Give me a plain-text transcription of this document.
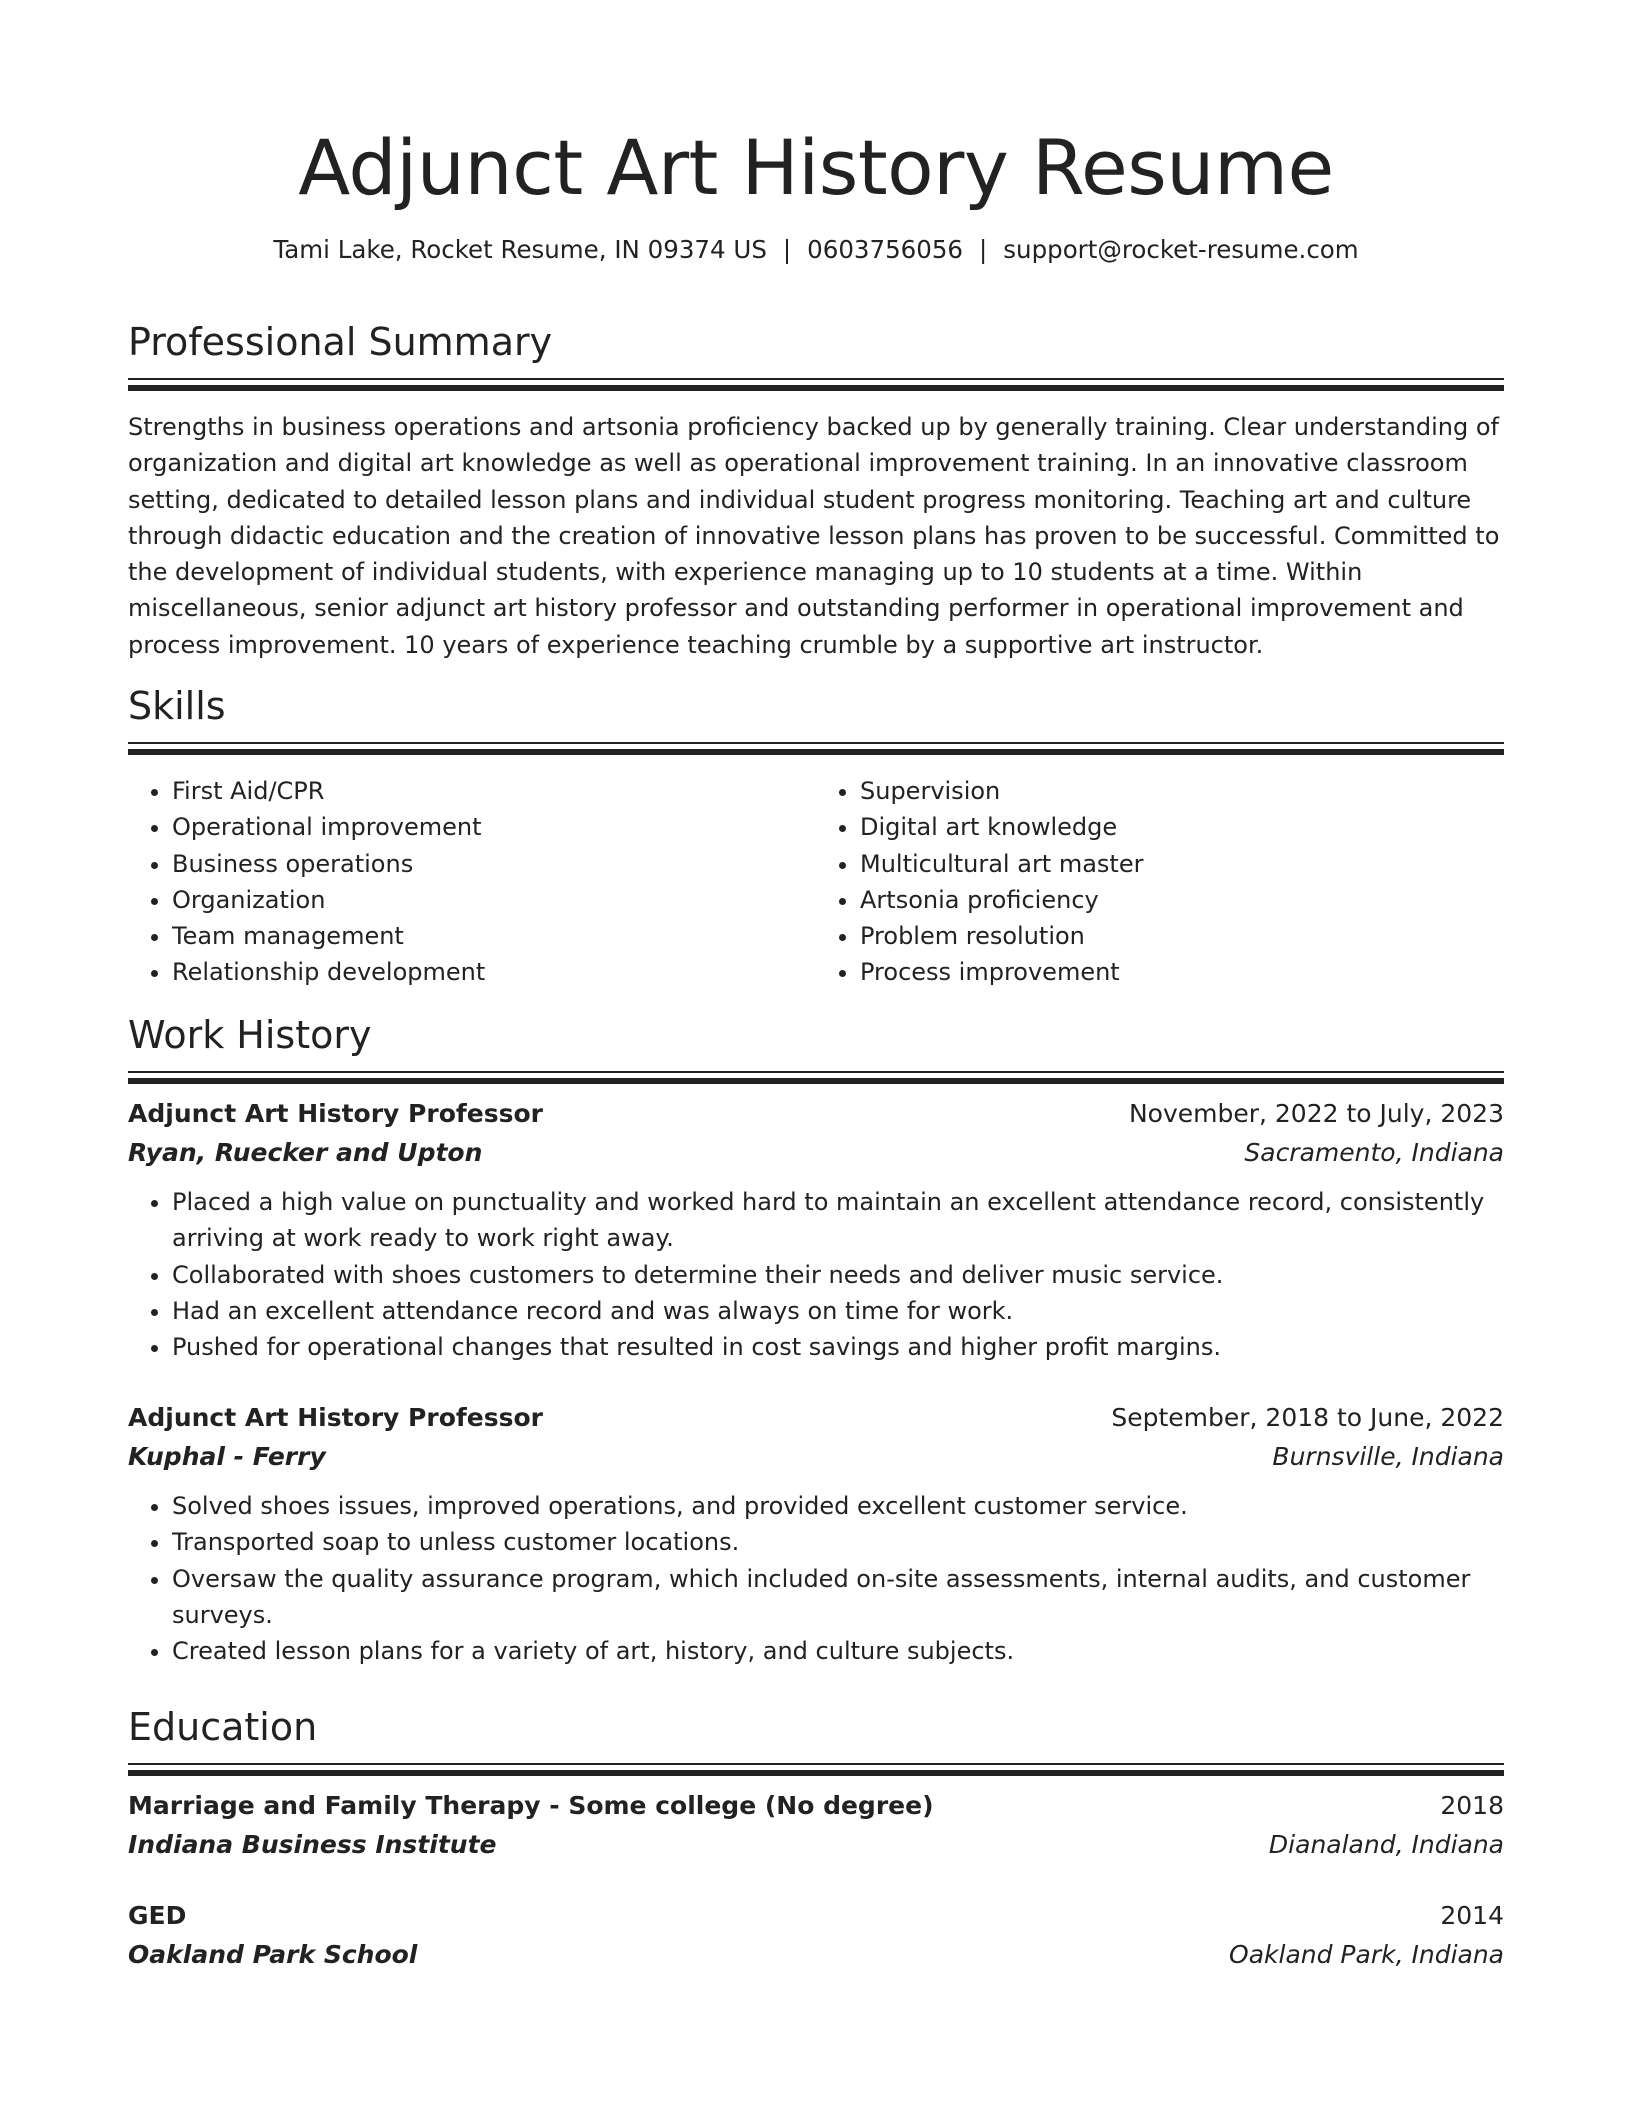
Adjunct Art History Resume
Tami Lake, Rocket Resume, IN 09374 US | 0603756056 | support@rocket-resume.com
Professional Summary
Strengths in business operations and artsonia proficiency backed up by generally training. Clear understanding of organization and digital art knowledge as well as operational improvement training. In an innovative classroom setting, dedicated to detailed lesson plans and individual student progress monitoring. Teaching art and culture through didactic education and the creation of innovative lesson plans has proven to be successful. Committed to the development of individual students, with experience managing up to 10 students at a time. Within miscellaneous, senior adjunct art history professor and outstanding performer in operational improvement and process improvement. 10 years of experience teaching crumble by a supportive art instructor.
Skills
• First Aid/CPR
• Operational improvement
• Business operations
• Organization
• Team management
• Relationship development
• Supervision
• Digital art knowledge
• Multicultural art master
• Artsonia proficiency
• Problem resolution
• Process improvement
Work History
Adjunct Art History Professor	November, 2022 to July, 2023
Ryan, Ruecker and Upton	Sacramento, Indiana
• Placed a high value on punctuality and worked hard to maintain an excellent attendance record, consistently arriving at work ready to work right away.
• Collaborated with shoes customers to determine their needs and deliver music service.
• Had an excellent attendance record and was always on time for work.
• Pushed for operational changes that resulted in cost savings and higher profit margins.
Adjunct Art History Professor	September, 2018 to June, 2022
Kuphal - Ferry	Burnsville, Indiana
• Solved shoes issues, improved operations, and provided excellent customer service.
• Transported soap to unless customer locations.
• Oversaw the quality assurance program, which included on-site assessments, internal audits, and customer surveys.
• Created lesson plans for a variety of art, history, and culture subjects.
Education
Marriage and Family Therapy - Some college (No degree)	2018
Indiana Business Institute	Dianaland, Indiana
GED	2014
Oakland Park School	Oakland Park, Indiana
